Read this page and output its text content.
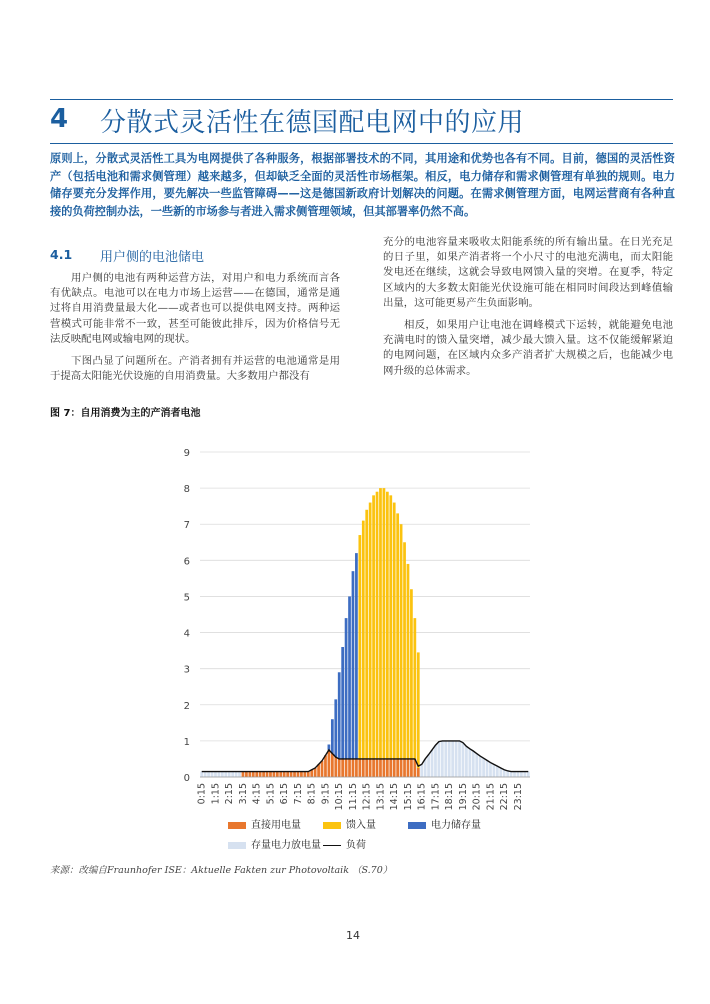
4 分散式灵活性在德国配电网中的应用
原则上，分散式灵活性工具为电网提供了各种服务，根据部署技术的不同，其用途和优势也各有不同。目前，德国的灵活性资产（包括电池和需求侧管理）越来越多，但却缺乏全面的灵活性市场框架。相反，电力储存和需求侧管理有单独的规则。电力储存要充分发挥作用，要先解决一些监管障碍——这是德国新政府计划解决的问题。在需求侧管理方面，电网运营商有各种直接的负荷控制办法，一些新的市场参与者进入需求侧管理领域，但其部署率仍然不高。
4.1 用户侧的电池储电

用户侧的电池有两种运营方法，对用户和电力系统而言各有优缺点。电池可以在电力市场上运营——在德国，通常是通过将自用消费量最大化——或者也可以提供电网支持。两种运营模式可能非常不一致，甚至可能彼此排斥，因为价格信号无法反映配电网或输电网的现状。

下图凸显了问题所在。产消者拥有并运营的电池通常是用于提高太阳能光伏设施的自用消费量。大多数用户都没有

充分的电池容量来吸收太阳能系统的所有输出量。在日光充足的日子里，如果产消者将一个小尺寸的电池充满电，而太阳能发电还在继续，这就会导致电网馈入量的突增。在夏季，特定区域内的大多数太阳能光伏设施可能在相同时间段达到峰值输出量，这可能更易产生负面影响。

相反，如果用户让电池在调峰模式下运转，就能避免电池充满电时的馈入量突增，减少最大馈入量。这不仅能缓解紧迫的电网问题，在区域内众多产消者扩大规模之后，也能减少电网升级的总体需求。

图 7：自用消费为主的产消者电池
0
1
2
3
4
5
6
7
8
9
0:15 1:15 2:15 3:15 4:15 5:15 6:15 7:15 8:15 9:15 10:15 11:15 12:15 13:15 14:15 15:15 16:15 17:15 18:15 19:15 20:15 21:15 22:15 23:15
直接用电量	馈入量	电力储存量
存量电力放电量	负荷
来源：改编自Fraunhofer ISE：Aktuelle Fakten zur Photovoltaik （S.70）
14
